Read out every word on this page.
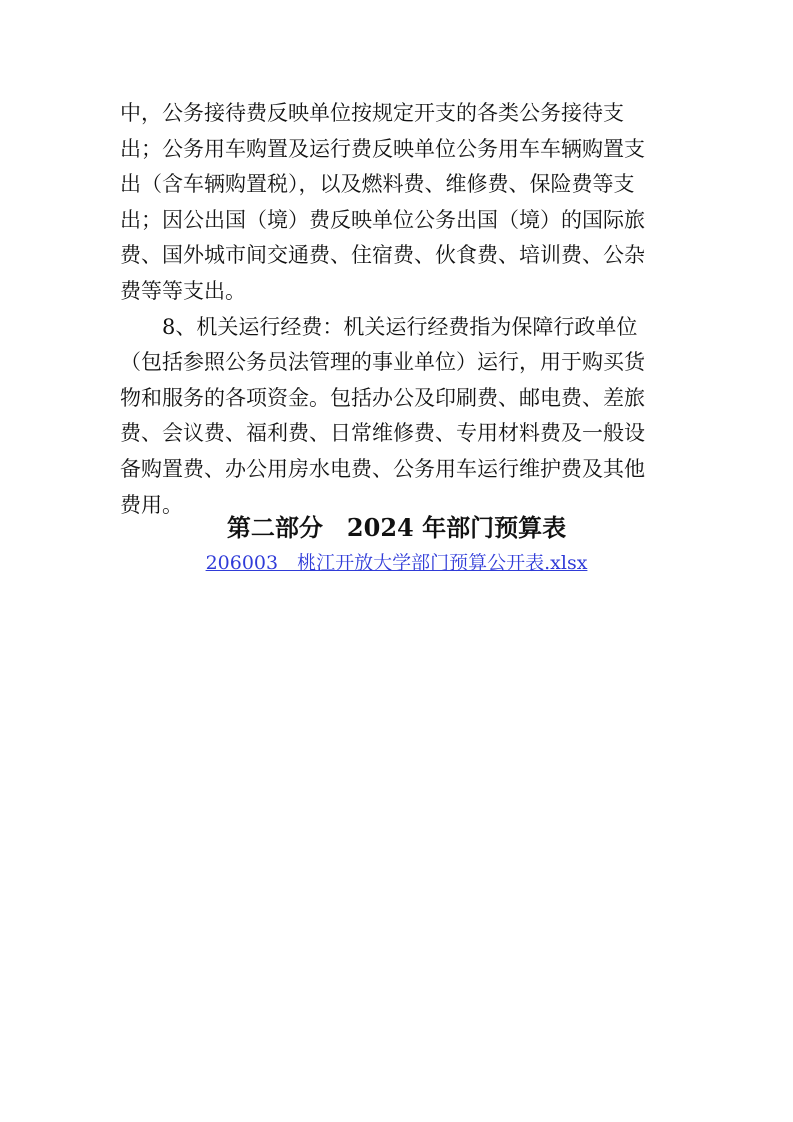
中，公务接待费反映单位按规定开支的各类公务接待支
出；公务用车购置及运行费反映单位公务用车车辆购置支
出（含车辆购置税），以及燃料费、维修费、保险费等支
出；因公出国（境）费反映单位公务出国（境）的国际旅
费、国外城市间交通费、住宿费、伙食费、培训费、公杂
费等等支出。
8、机关运行经费：机关运行经费指为保障行政单位
（包括参照公务员法管理的事业单位）运行，用于购买货
物和服务的各项资金。包括办公及印刷费、邮电费、差旅
费、会议费、福利费、日常维修费、专用材料费及一般设
备购置费、办公用房水电费、公务用车运行维护费及其他
费用。
第二部分　2024 年部门预算表
206003　桃江开放大学部门预算公开表.xlsx
